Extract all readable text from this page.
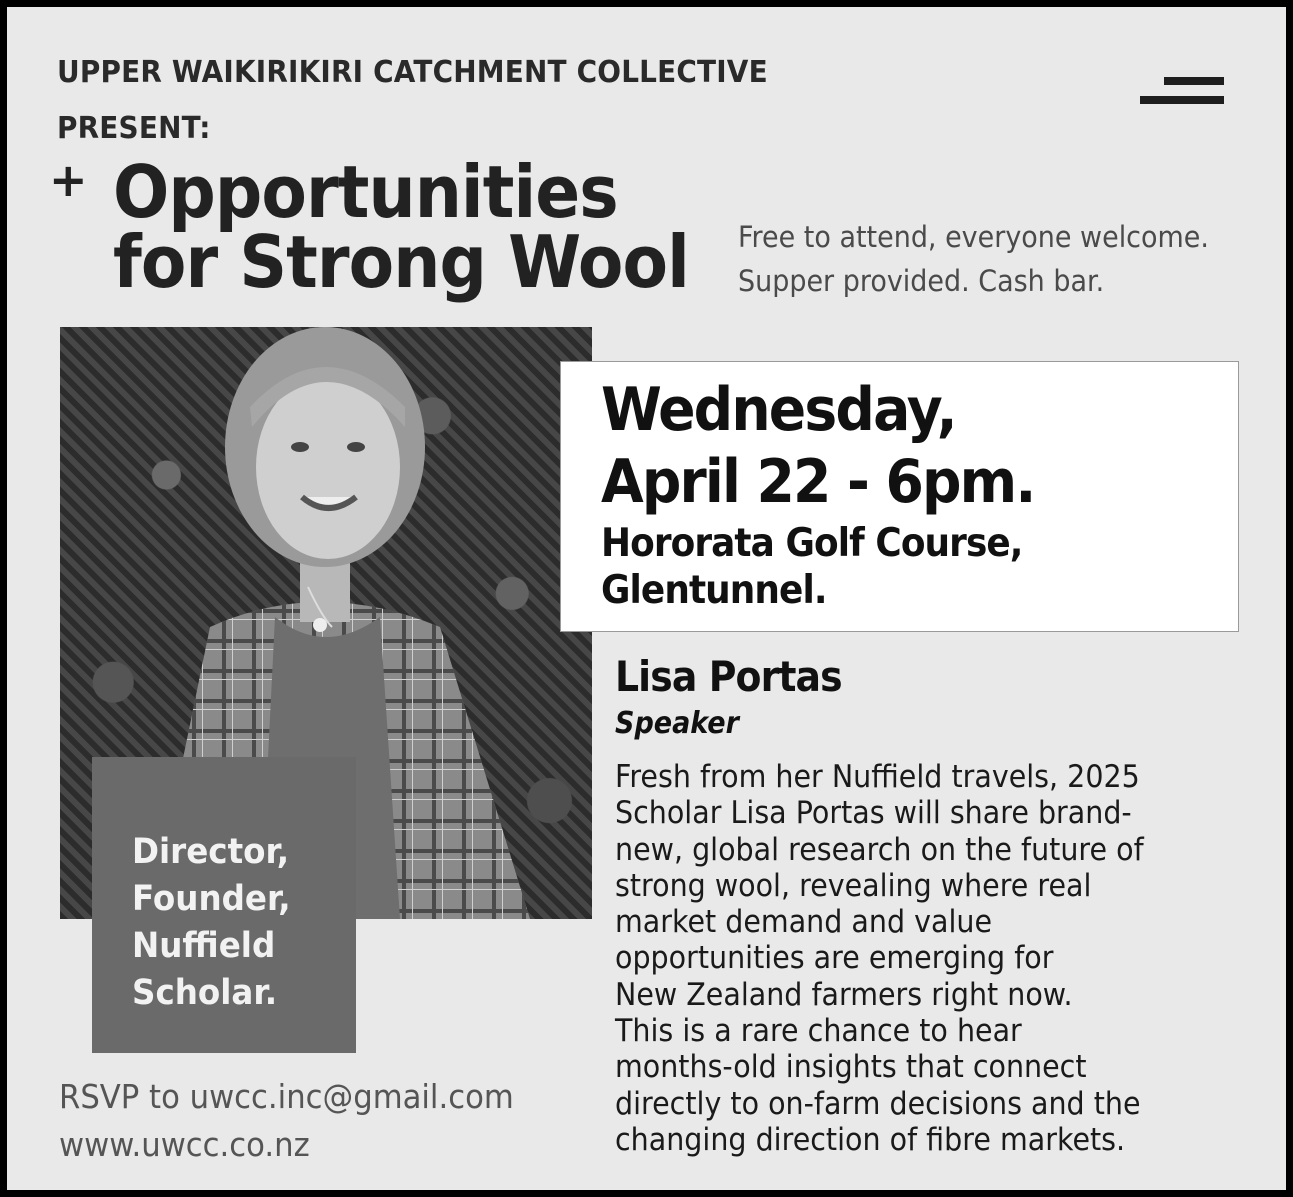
UPPER WAIKIRIKIRI CATCHMENT COLLECTIVE
PRESENT:
+ Opportunities
for Strong Wool Free to attend, everyone welcome.
Supper provided. Cash bar.
Director,
Founder,
Nuffield
Scholar.
Wednesday,
April 22 - 6pm.
Hororata Golf Course,
Glentunnel.
Lisa Portas
Speaker
Fresh from her Nuffield travels, 2025
Scholar Lisa Portas will share brand-
new, global research on the future of
strong wool, revealing where real
market demand and value
opportunities are emerging for
New Zealand farmers right now.
This is a rare chance to hear
months-old insights that connect
directly to on-farm decisions and the
changing direction of fibre markets.
RSVP to uwcc.inc@gmail.com
www.uwcc.co.nz
